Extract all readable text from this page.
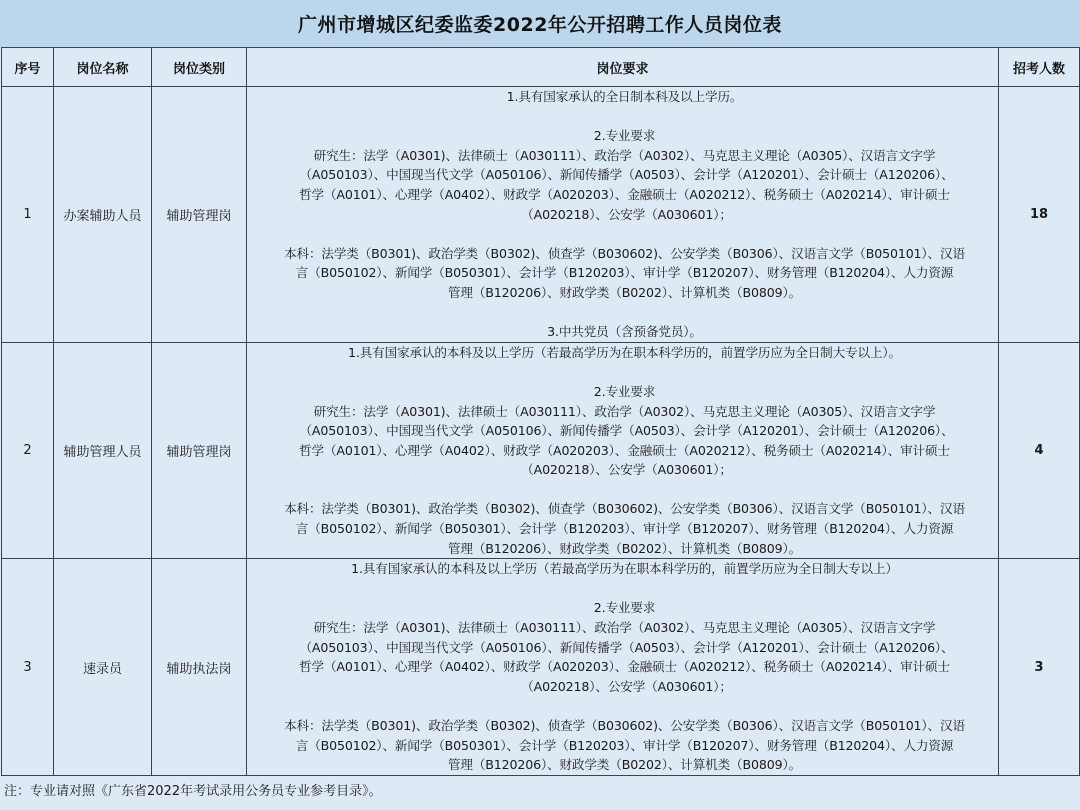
广州市增城区纪委监委2022年公开招聘工作人员岗位表
序号	岗位名称	岗位类别	岗位要求	招考人数
1	办案辅助人员	辅助管理岗	
1.具有国家承认的全日制本科及以上学历。

2.专业要求
研究生：法学（A0301)、法律硕士（A030111）、政治学（A0302）、马克思主义理论（A0305）、汉语言文字学
（A050103）、中国现当代文学（A050106）、新闻传播学（A0503）、会计学（A120201）、会计硕士（A120206）、
哲学（A0101）、心理学（A0402）、财政学（A020203）、金融硕士（A020212）、税务硕士（A020214）、审计硕士
（A020218）、公安学（A030601）；

本科：法学类（B0301)、政治学类（B0302)、侦查学（B030602)、公安学类（B0306）、汉语言文学（B050101）、汉语
言（B050102）、新闻学（B050301）、会计学（B120203）、审计学（B120207）、财务管理（B120204）、人力资源
管理（B120206）、财政学类（B0202）、计算机类（B0809）。

3.中共党员（含预备党员）。
	18
2	辅助管理人员	辅助管理岗	
1.具有国家承认的本科及以上学历（若最高学历为在职本科学历的，前置学历应为全日制大专以上）。

2.专业要求
研究生：法学（A0301)、法律硕士（A030111）、政治学（A0302）、马克思主义理论（A0305）、汉语言文字学
（A050103）、中国现当代文学（A050106）、新闻传播学（A0503）、会计学（A120201）、会计硕士（A120206）、
哲学（A0101）、心理学（A0402）、财政学（A020203）、金融硕士（A020212）、税务硕士（A020214）、审计硕士
（A020218）、公安学（A030601）；

本科：法学类（B0301)、政治学类（B0302)、侦查学（B030602)、公安学类（B0306）、汉语言文学（B050101）、汉语
言（B050102）、新闻学（B050301）、会计学（B120203）、审计学（B120207）、财务管理（B120204）、人力资源
管理（B120206）、财政学类（B0202）、计算机类（B0809）。
	4
3	速录员	辅助执法岗	
1.具有国家承认的本科及以上学历（若最高学历为在职本科学历的，前置学历应为全日制大专以上）

2.专业要求
研究生：法学（A0301)、法律硕士（A030111）、政治学（A0302）、马克思主义理论（A0305）、汉语言文字学
（A050103）、中国现当代文学（A050106）、新闻传播学（A0503）、会计学（A120201）、会计硕士（A120206）、
哲学（A0101）、心理学（A0402）、财政学（A020203）、金融硕士（A020212）、税务硕士（A020214）、审计硕士
（A020218）、公安学（A030601）；

本科：法学类（B0301)、政治学类（B0302)、侦查学（B030602)、公安学类（B0306）、汉语言文学（B050101）、汉语
言（B050102）、新闻学（B050301）、会计学（B120203）、审计学（B120207）、财务管理（B120204）、人力资源
管理（B120206）、财政学类（B0202）、计算机类（B0809）。
	3
注：专业请对照《广东省2022年考试录用公务员专业参考目录》。
